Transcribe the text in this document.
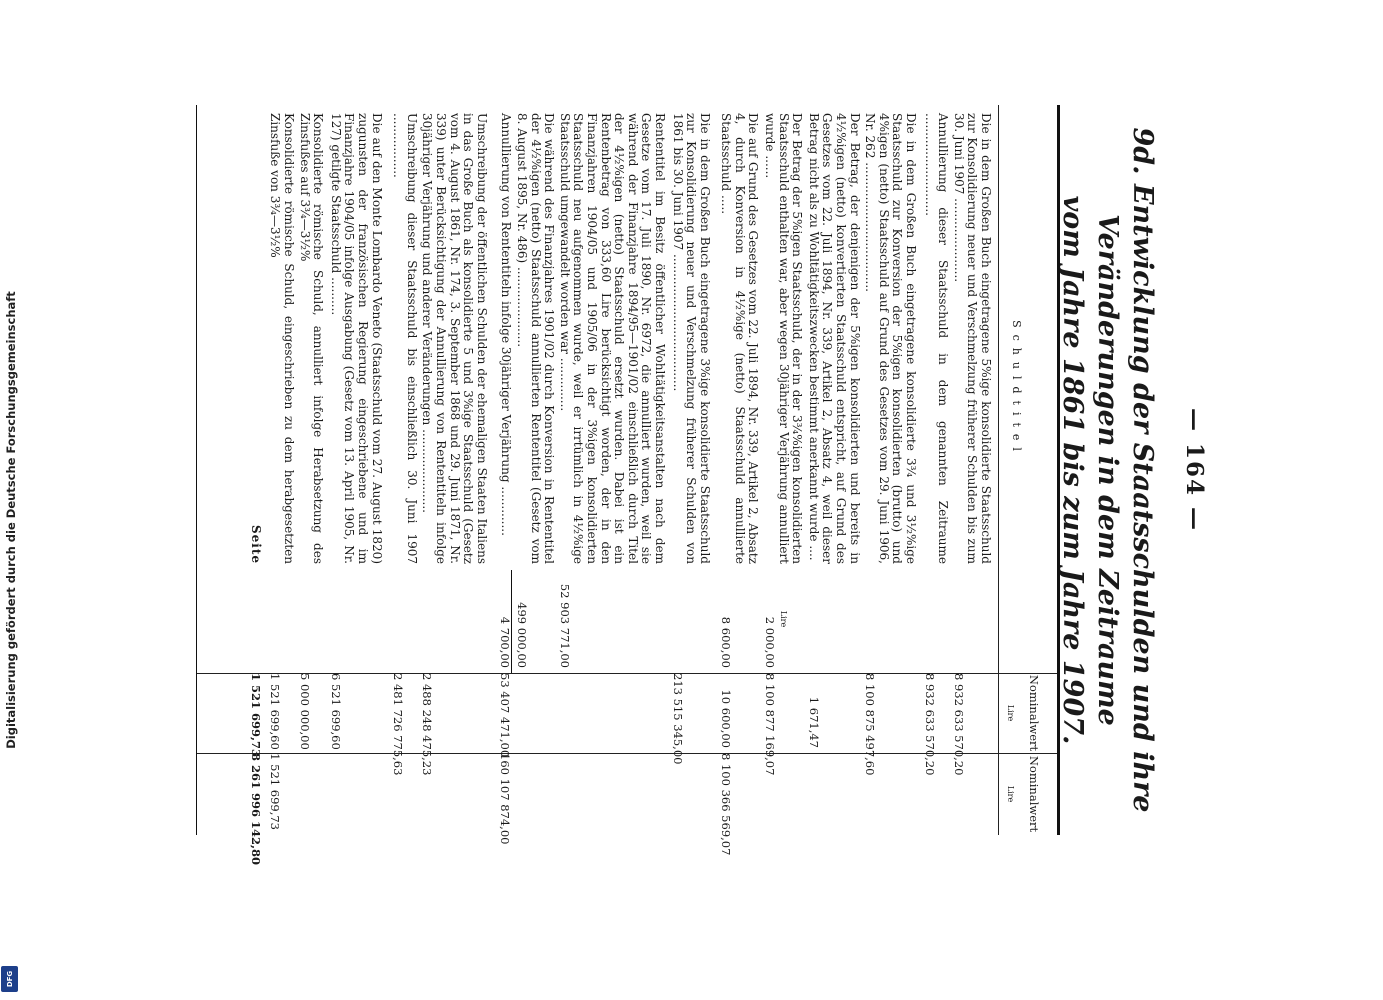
Digitalisierung gefördert durch die Deutsche Forschungsgemeinschaft
DFG
— 164 —
9d. Entwicklung der Staatsschulden und ihre Veränderungen in dem Zeitraume
vom Jahre 1861 bis zum Jahre 1907.
Schuldtitel
Nominalwert
Lire
Nominalwert
Lire
Die in dem Großen Buch eingetragene 5%ige konsolidierte Staatsschuld zur Konsolidierung neuer und Verschmelzung früherer Schulden bis zum 30. Juni 1907 ......................
8 932 633 570,20
Annullierung dieser Staatsschuld in dem genannten Zeitraume ...........................
8 932 633 570,20
Die in dem Großen Buch eingetragene konsolidierte 3¾ und 3½%ige Staatsschuld zur Konversion der 5%igen konsolidierten (brutto) und 4%igen (netto) Staatsschuld auf Grund des Gesetzes vom 29. Juni 1906, Nr. 262 ..................................
8 100 875 497,60
Der Betrag, der denjenigen der 5%igen konsolidierten und bereits in 4½%igen (netto) konvertierten Staatsschuld entspricht, auf Grund des Gesetzes vom 22. Juli 1894, Nr. 339, Artikel 2, Absatz 4, weil dieser Betrag nicht als zu Wohltätigkeitszwecken bestimmt anerkannt wurde ....
1 671,47
Der Betrag der 5%igen Staatsschuld, der in der 3¾%igen konsolidierten Staatsschuld enthalten war, aber wegen 30jähriger Verjährung annulliert wurde ......
Lire
2 000,00
8 100 877 169,07
Die auf Grund des Gesetzes vom 22. Juli 1894, Nr. 339, Artikel 2, Absatz 4, durch Konversion in 4½%ige (netto) Staatsschuld annullierte Staatsschuld .....
8 600,00
10 600,00
8 100 366 569,07
Die in dem Großen Buch eingetragene 3%ige konsolidierte Staatsschuld zur Konsolidierung neuer und Verschmelzung früherer Schulden von 1861 bis 30. Juni 1907 ....................................
213 515 345,00
Rententitel im Besitz öffentlicher Wohltätigkeitsanstalten nach dem Gesetze vom 17. Juli 1890, Nr. 6972, die annulliert wurden, weil sie während der Finanzjahre 1894/95—1901/02 einschließlich durch Titel der 4½%igen (netto) Staatsschuld ersetzt wurden. Dabei ist ein Rentenbetrag von 333,60 Lire berücksichtigt worden, der in den Finanzjahren 1904/05 und 1905/06 in der 3%igen konsolidierten Staatsschuld neu aufgenommen wurde, weil er irrtümlich in 4½%ige Staatsschuld umgewandelt worden war ..............
52 903 771,00
Die während des Finanzjahres 1901/02 durch Konversion in Rententitel der 4½%igen (netto) Staatsschuld annullierten Rententitel (Gesetz vom 8. August 1895, Nr. 486) .....................
499 000,00
Annullierung von Rententiteln infolge 30jähriger Verjährung .............
4 700,00
53 407 471,00
160 107 874,00
Umschreibung der öffentlichen Schulden der ehemaligen Staaten Italiens in das Große Buch als konsolidierte 5 und 3%ige Staatsschuld (Gesetz vom 4. August 1861, Nr. 174, 3. September 1868 und 29. Juni 1871, Nr. 339) unter Berücksichtigung der Annullierung von Rententiteln infolge 30jähriger Verjährung und anderer Veränderungen ......................
2 488 248 475,23
Umschreibung dieser Staatsschuld bis einschließlich 30. Juni 1907 .................
2 481 726 775,63
Die auf den Monte Lombardo Veneto (Staatsschuld vom 27. August 1820) zugunsten der französischen Regierung eingeschriebene und im Finanzjahre 1904/05 infolge Ausgabung (Gesetz vom 13. April 1905, Nr. 127) getilgte Staatsschuld ..........
6 521 699,60
Konsolidierte römische Schuld, annulliert infolge Herabsetzung des Zinsfußes auf 3¾—3½%
5 000 000,00
Konsolidierte römische Schuld, eingeschrieben zu dem herabgesetzten Zinsfuße von 3¾—3½%
1 521 699,60
1 521 699,73
Seite
1 521 699,73
8 261 996 142,80
